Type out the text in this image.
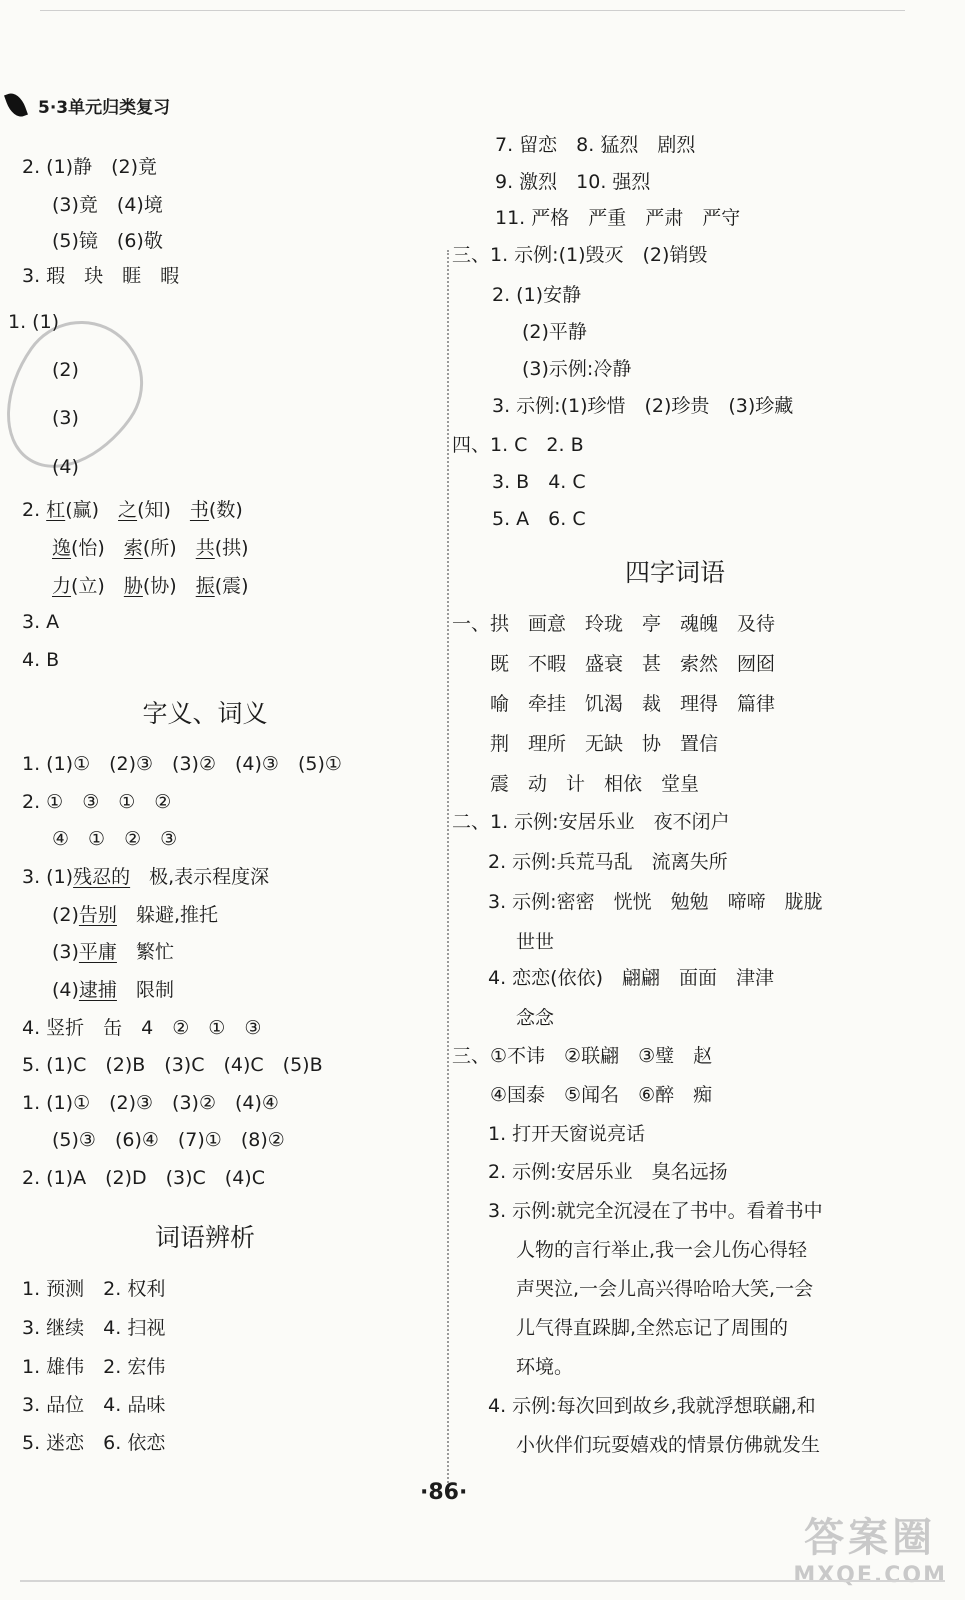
5·3单元归类复习
2. (1)静　(2)竟
(3)竟　(4)境
(5)镜　(6)敬
3. 瑕　玦　睚　暇
1. (1)
(2)
(3)
(4)
2. 杠(赢)　 之(知)　 书(数)
逸(怡)　 索(所)　 共(拱)
力(立)　 胁(协)　 振(震)
3. A
4. B
字义、词义
1. (1)①　(2)③　(3)②　(4)③　(5)①
2. ①　③　①　②
④　①　②　③
3. (1)残忍的　极,表示程度深
(2)告别　躲避,推托
(3)平庸　繁忙
(4)逮捕　限制
4. 竖折　缶　4　②　①　③
5. (1)C　(2)B　(3)C　(4)C　(5)B
1. (1)①　(2)③　(3)②　(4)④
(5)③　(6)④　(7)①　(8)②
2. (1)A　(2)D　(3)C　(4)C
词语辨析
1. 预测　2. 权利
3. 继续　4. 扫视
1. 雄伟　2. 宏伟
3. 品位　4. 品味
5. 迷恋　6. 依恋
7. 留恋　8. 猛烈　剧烈
9. 激烈　10. 强烈
11. 严格　严重　严肃　严守
三、1. 示例:(1)毁灭　(2)销毁
2. (1)安静
(2)平静
(3)示例:冷静
3. 示例:(1)珍惜　(2)珍贵　(3)珍藏
四、1. C　2. B
3. B　4. C
5. A　6. C
四字词语
一、拱　画意　玲珑　亭　魂魄　及待
既　不暇　盛衰　甚　索然　囫囵
喻　牵挂　饥渴　裁　理得　篇律
荆　理所　无缺　协　置信
震　动　计　相依　堂皇
二、1. 示例:安居乐业　夜不闭户
2. 示例:兵荒马乱　流离失所
3. 示例:密密　恍恍　勉勉　啼啼　胧胧
世世
4. 恋恋(依依)　翩翩　面面　津津
念念
三、①不讳　②联翩　③璧　赵
④国泰　⑤闻名　⑥醉　痴
1. 打开天窗说亮话
2. 示例:安居乐业　臭名远扬
3. 示例:就完全沉浸在了书中。看着书中
人物的言行举止,我一会儿伤心得轻
声哭泣,一会儿高兴得哈哈大笑,一会
儿气得直跺脚,全然忘记了周围的
环境。
4. 示例:每次回到故乡,我就浮想联翩,和
小伙伴们玩耍嬉戏的情景仿佛就发生
·86·
答案圈
MXQE.COM
